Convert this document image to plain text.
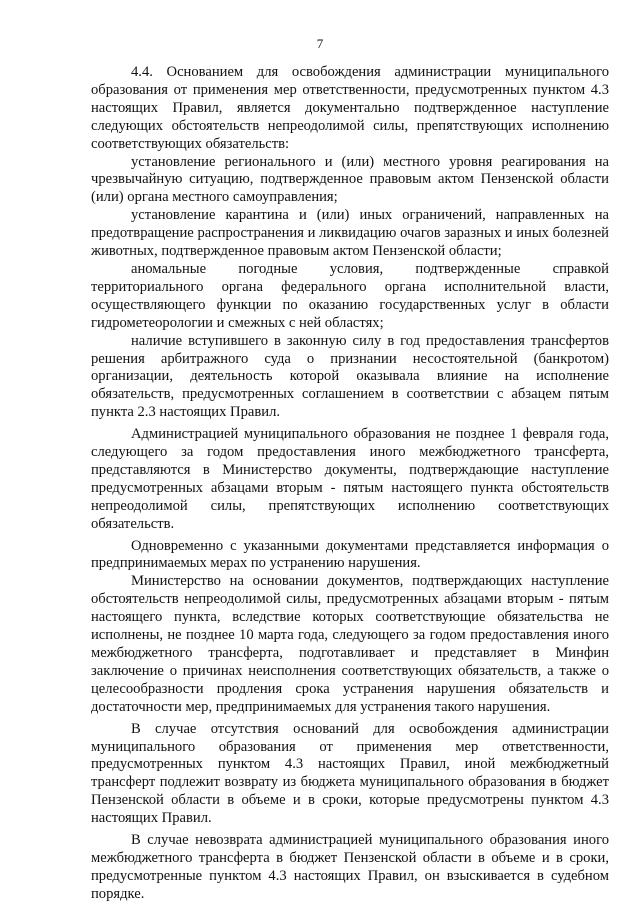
7

4.4. Основанием для освобождения администрации муниципального образования от применения мер ответственности, предусмотренных пунктом 4.3 настоящих Правил, является документально подтвержденное наступление следующих обстоятельств непреодолимой силы, препятствующих исполнению соответствующих обязательств:

установление регионального и (или) местного уровня реагирования на чрезвычайную ситуацию, подтвержденное правовым актом Пензенской области (или) органа местного самоуправления;

установление карантина и (или) иных ограничений, направленных на предотвращение распространения и ликвидацию очагов заразных и иных болезней животных, подтвержденное правовым актом Пензенской области;

аномальные погодные условия, подтвержденные справкой территориального органа федерального органа исполнительной власти, осуществляющего функции по оказанию государственных услуг в области гидрометеорологии и смежных с ней областях;

наличие вступившего в законную силу в год предоставления трансфертов решения арбитражного суда о признании несостоятельной (банкротом) организации, деятельность которой оказывала влияние на исполнение обязательств, предусмотренных соглашением в соответствии с абзацем пятым пункта 2.3 настоящих Правил.

Администрацией муниципального образования не позднее 1 февраля года, следующего за годом предоставления иного межбюджетного трансферта, представляются в Министерство документы, подтверждающие наступление предусмотренных абзацами вторым - пятым настоящего пункта обстоятельств непреодолимой силы, препятствующих исполнению соответствующих обязательств.

Одновременно с указанными документами представляется информация о предпринимаемых мерах по устранению нарушения.

Министерство на основании документов, подтверждающих наступление обстоятельств непреодолимой силы, предусмотренных абзацами вторым - пятым настоящего пункта, вследствие которых соответствующие обязательства не исполнены, не позднее 10 марта года, следующего за годом предоставления иного межбюджетного трансферта, подготавливает и представляет в Минфин заключение о причинах неисполнения соответствующих обязательств, а также о целесообразности продления срока устранения нарушения обязательств и достаточности мер, предпринимаемых для устранения такого нарушения.

В случае отсутствия оснований для освобождения администрации муниципального образования от применения мер ответственности, предусмотренных пунктом 4.3 настоящих Правил, иной межбюджетный трансферт подлежит возврату из бюджета муниципального образования в бюджет Пензенской области в объеме и в сроки, которые предусмотрены пунктом 4.3 настоящих Правил.

В случае невозврата администрацией муниципального образования иного межбюджетного трансферта в бюджет Пензенской области в объеме и в сроки, предусмотренные пунктом 4.3 настоящих Правил, он взыскивается в судебном порядке.
